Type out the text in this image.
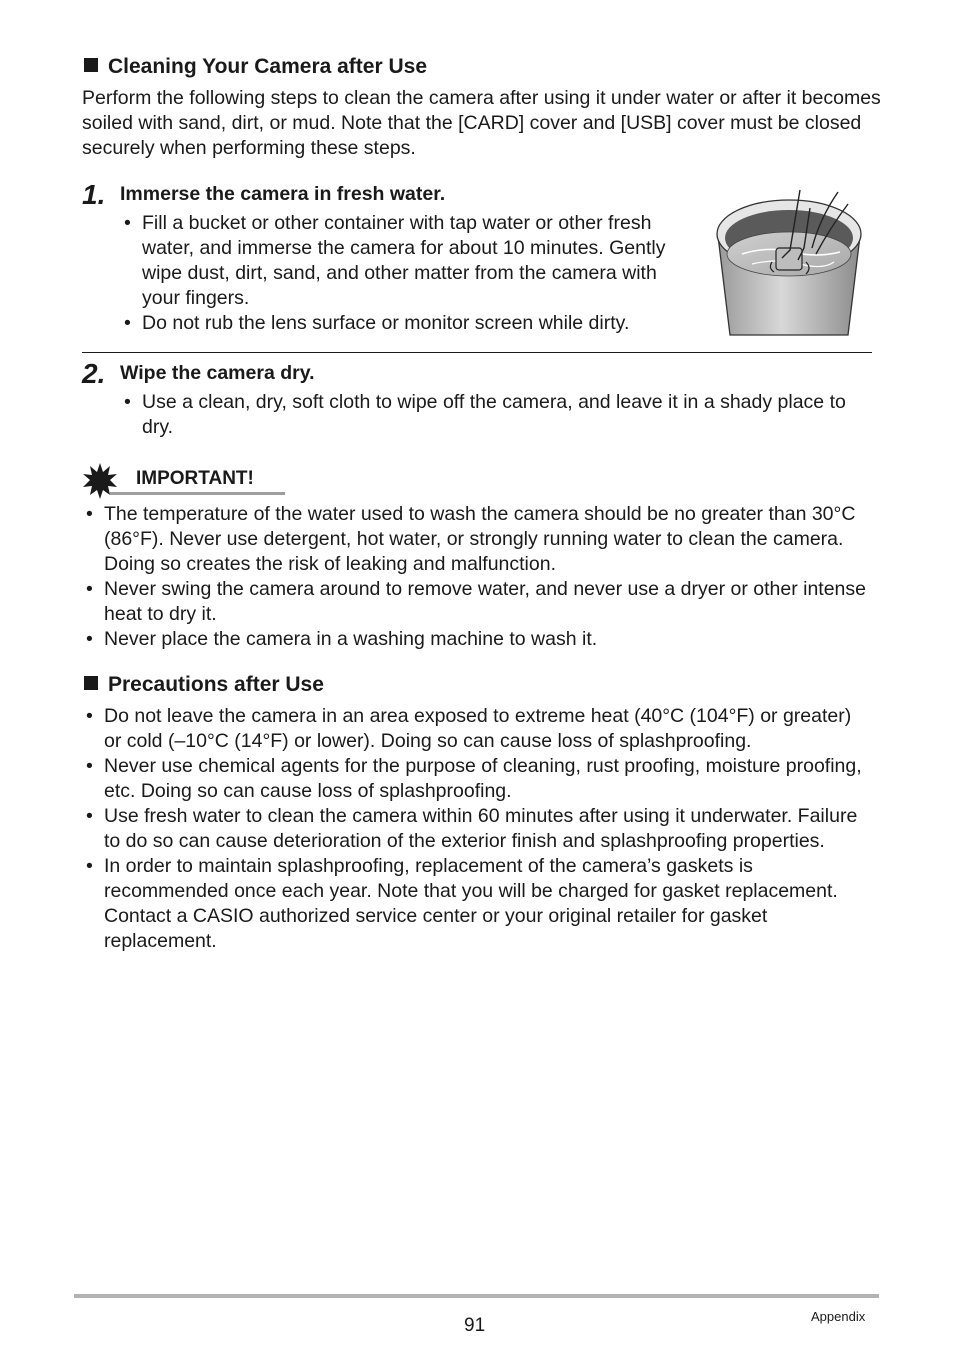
Cleaning Your Camera after Use
Perform the following steps to clean the camera after using it under water or after it becomes soiled with sand, dirt, or mud. Note that the [CARD] cover and [USB] cover must be closed securely when performing these steps.
1. Immerse the camera in fresh water.
• Fill a bucket or other container with tap water or other fresh water, and immerse the camera for about 10 minutes. Gently wipe dust, dirt, sand, and other matter from the camera with your fingers.
• Do not rub the lens surface or monitor screen while dirty.
2. Wipe the camera dry.
• Use a clean, dry, soft cloth to wipe off the camera, and leave it in a shady place to dry.
IMPORTANT!
• The temperature of the water used to wash the camera should be no greater than 30°C (86°F). Never use detergent, hot water, or strongly running water to clean the camera. Doing so creates the risk of leaking and malfunction.
• Never swing the camera around to remove water, and never use a dryer or other intense heat to dry it.
• Never place the camera in a washing machine to wash it.
Precautions after Use
• Do not leave the camera in an area exposed to extreme heat (40°C (104°F) or greater) or cold (–10°C (14°F) or lower). Doing so can cause loss of splashproofing.
• Never use chemical agents for the purpose of cleaning, rust proofing, moisture proofing, etc. Doing so can cause loss of splashproofing.
• Use fresh water to clean the camera within 60 minutes after using it underwater. Failure to do so can cause deterioration of the exterior finish and splashproofing properties.
• In order to maintain splashproofing, replacement of the camera’s gaskets is recommended once each year. Note that you will be charged for gasket replacement. Contact a CASIO authorized service center or your original retailer for gasket replacement.
91	Appendix
